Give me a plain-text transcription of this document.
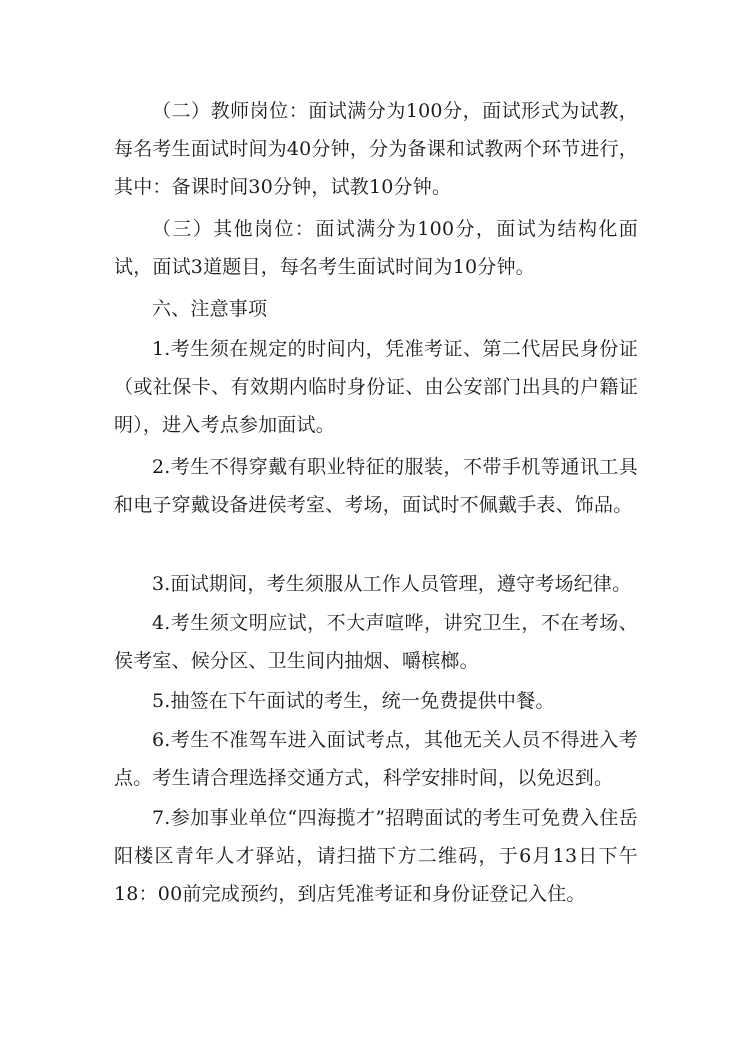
（二）教师岗位：面试满分为100分，面试形式为试教，每名考生面试时间为40分钟，分为备课和试教两个环节进行，其中：备课时间30分钟，试教10分钟。

（三）其他岗位：面试满分为100分，面试为结构化面试，面试3道题目，每名考生面试时间为10分钟。

六、注意事项

1.考生须在规定的时间内，凭准考证、第二代居民身份证（或社保卡、有效期内临时身份证、由公安部门出具的户籍证明），进入考点参加面试。

2.考生不得穿戴有职业特征的服装，不带手机等通讯工具和电子穿戴设备进侯考室、考场，面试时不佩戴手表、饰品。

3.面试期间，考生须服从工作人员管理，遵守考场纪律。

4.考生须文明应试，不大声喧哗，讲究卫生，不在考场、侯考室、候分区、卫生间内抽烟、嚼槟榔。

5.抽签在下午面试的考生，统一免费提供中餐。

6.考生不准驾车进入面试考点，其他无关人员不得进入考点。考生请合理选择交通方式，科学安排时间，以免迟到。

7.参加事业单位“四海揽才”招聘面试的考生可免费入住岳阳楼区青年人才驿站，请扫描下方二维码，于6月13日下午18：00前完成预约，到店凭准考证和身份证登记入住。
